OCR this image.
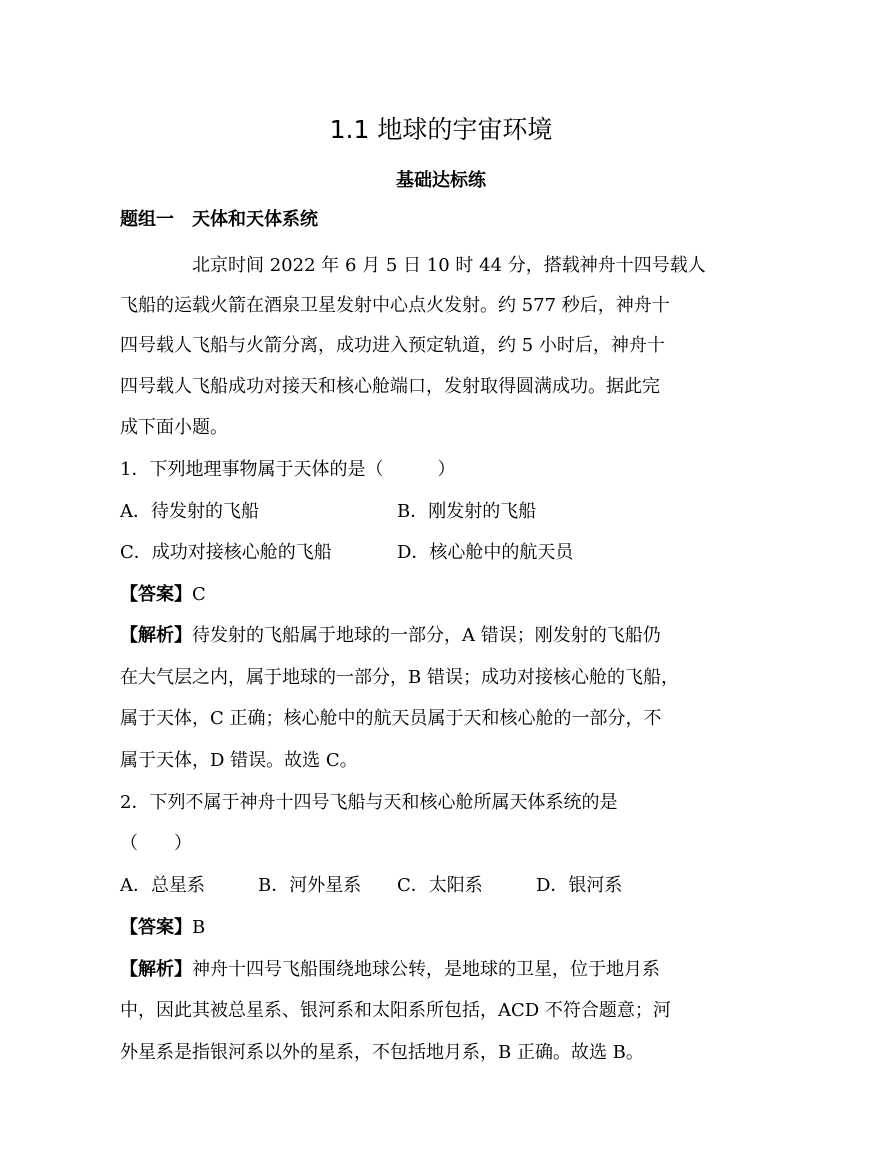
1.1 地球的宇宙环境
基础达标练
题组一　天体和天体系统
北京时间 2022 年 6 月 5 日 10 时 44 分，搭载神舟十四号载人
飞船的运载火箭在酒泉卫星发射中心点火发射。约 577 秒后，神舟十
四号载人飞船与火箭分离，成功进入预定轨道，约 5 小时后，神舟十
四号载人飞船成功对接天和核心舱端口，发射取得圆满成功。据此完
成下面小题。
1．下列地理事物属于天体的是（　　　）
A．待发射的飞船	B．刚发射的飞船
C．成功对接核心舱的飞船	D．核心舱中的航天员
【答案】C
【解析】待发射的飞船属于地球的一部分，A 错误；刚发射的飞船仍
在大气层之内，属于地球的一部分，B 错误；成功对接核心舱的飞船，
属于天体，C 正确；核心舱中的航天员属于天和核心舱的一部分，不
属于天体，D 错误。故选 C。
2．下列不属于神舟十四号飞船与天和核心舱所属天体系统的是
（　　）
A．总星系	B．河外星系 C．太阳系	D．银河系
【答案】B
【解析】神舟十四号飞船围绕地球公转，是地球的卫星，位于地月系
中，因此其被总星系、银河系和太阳系所包括，ACD 不符合题意；河
外星系是指银河系以外的星系，不包括地月系，B 正确。故选 B。
